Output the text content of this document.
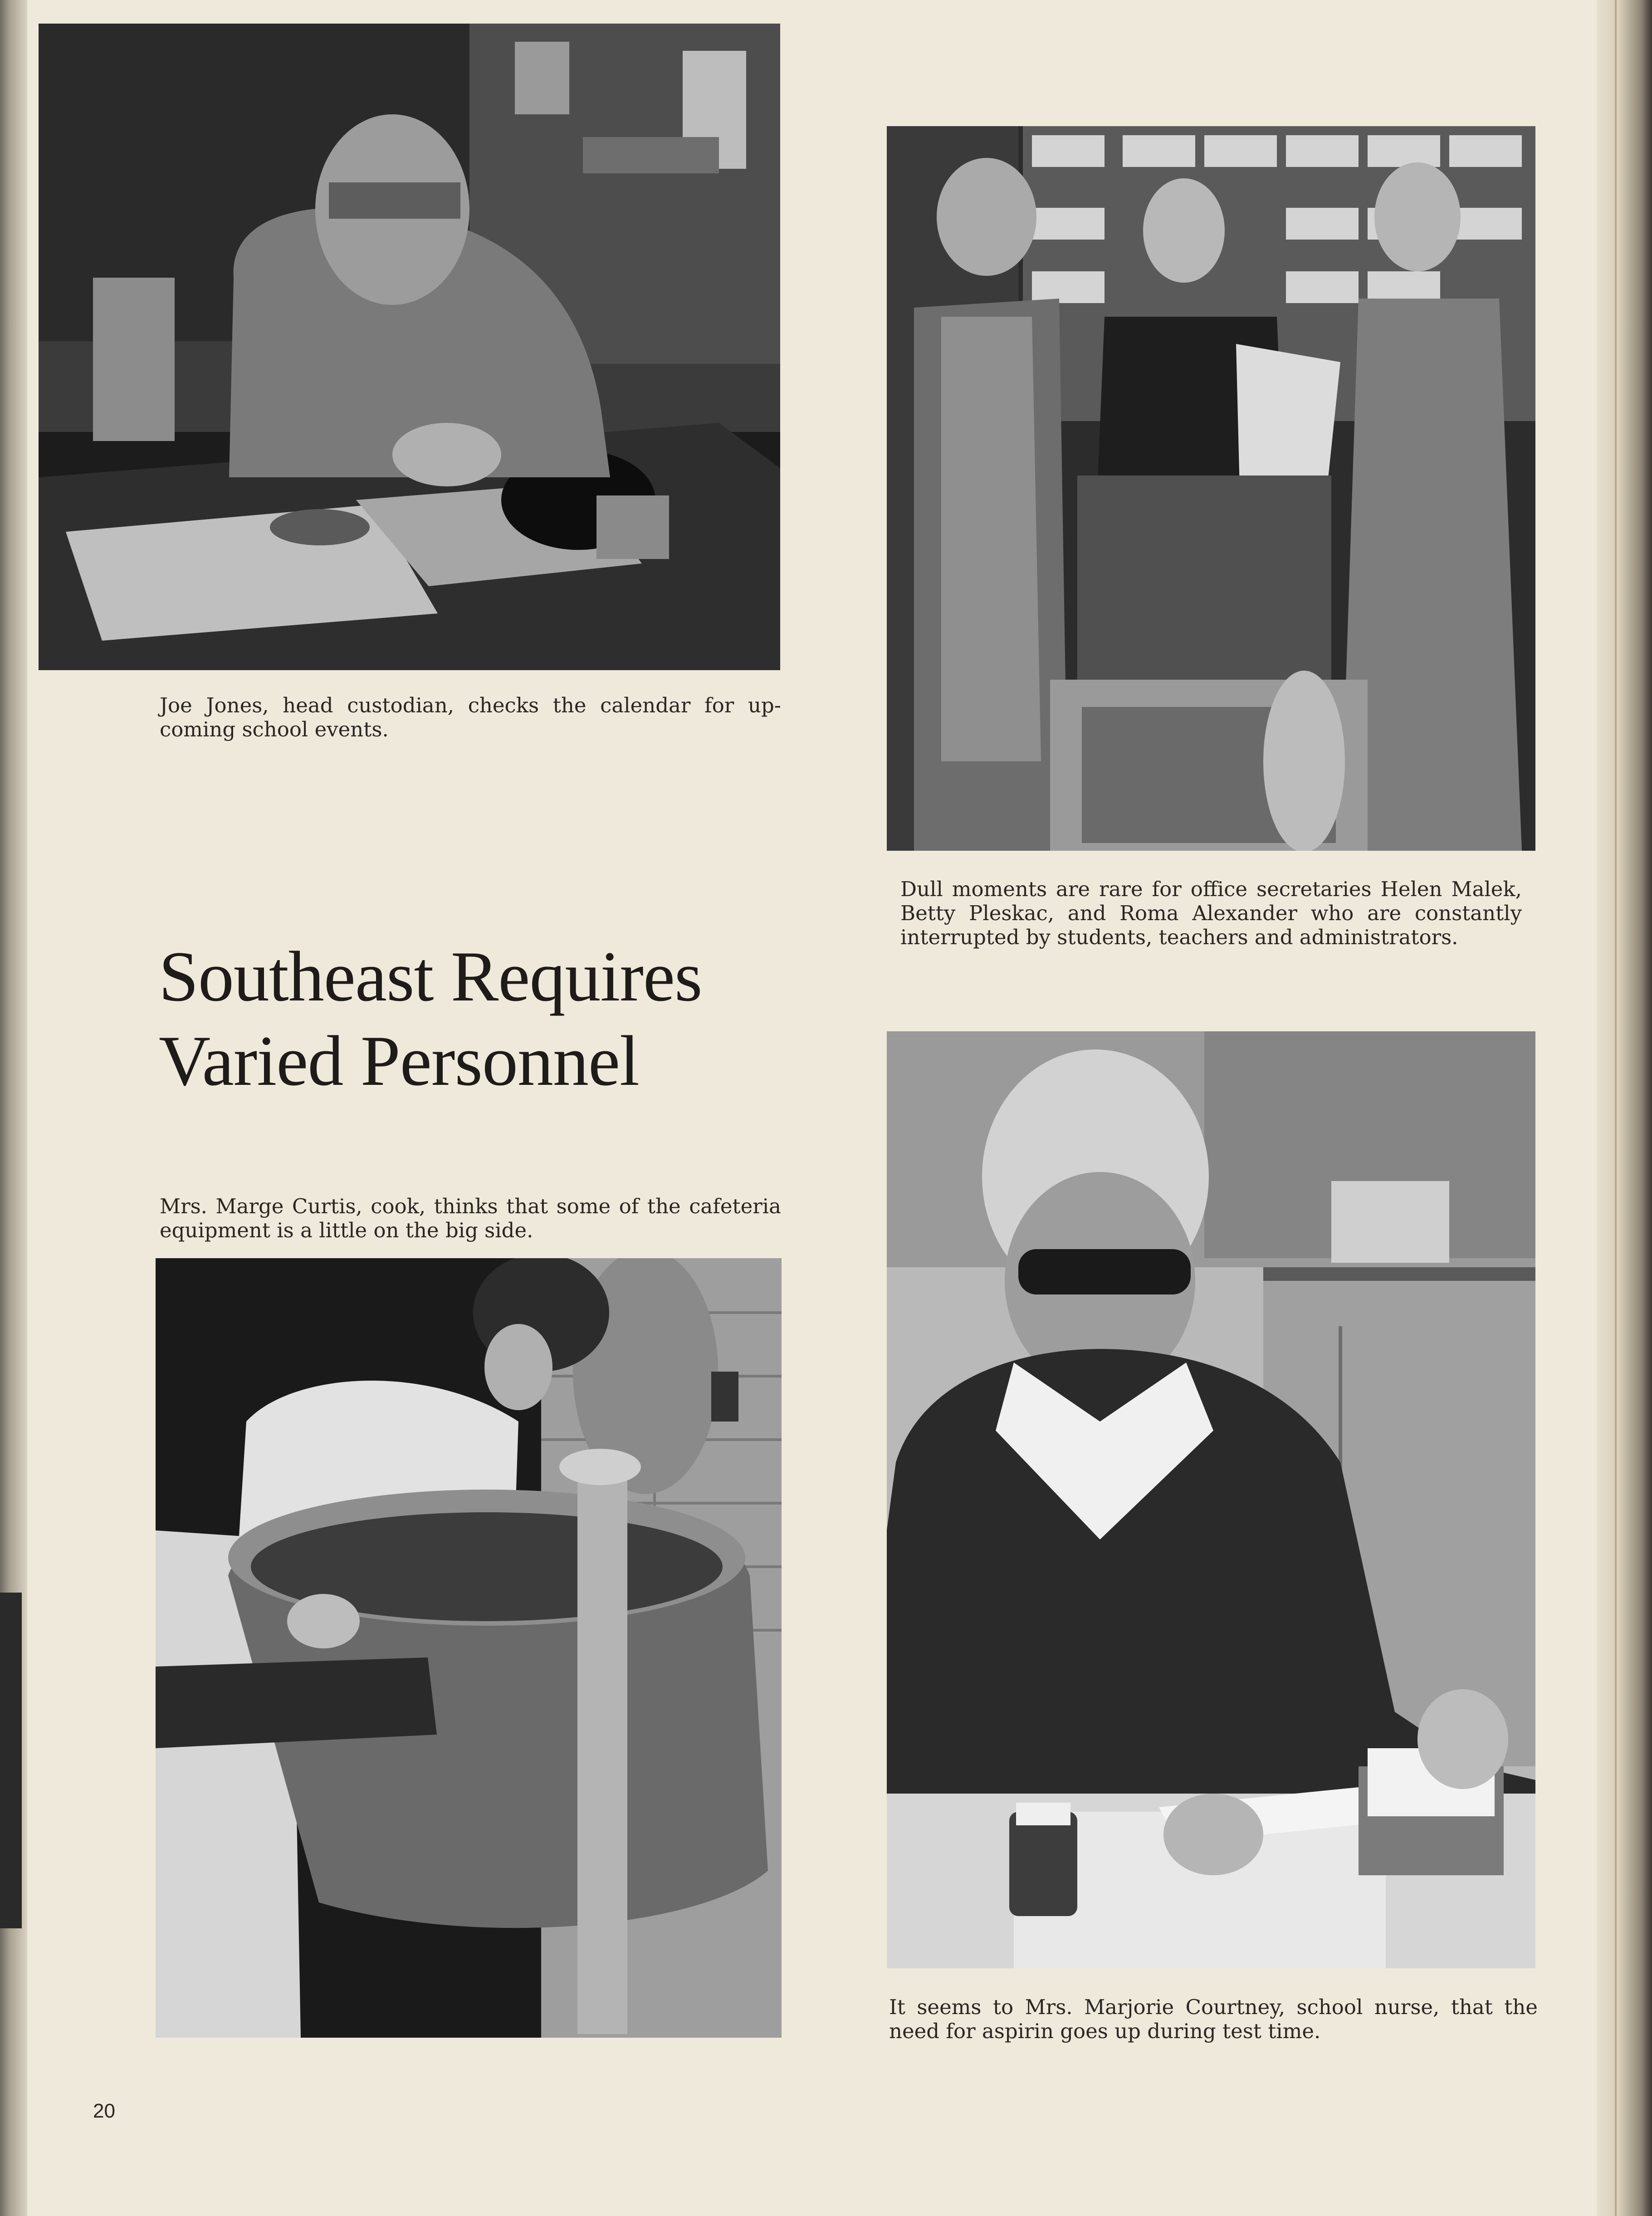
Joe Jones, head custodian, checks the calendar for up-coming school events.
Dull moments are rare for office secretaries Helen Malek, Betty Pleskac, and Roma Alexander who are constantly interrupted by students, teachers and administrators.
Southeast Requires
Varied Personnel
Mrs. Marge Curtis, cook, thinks that some of the cafeteria equipment is a little on the big side.
It seems to Mrs. Marjorie Courtney, school nurse, that the need for aspirin goes up during test time.
20
